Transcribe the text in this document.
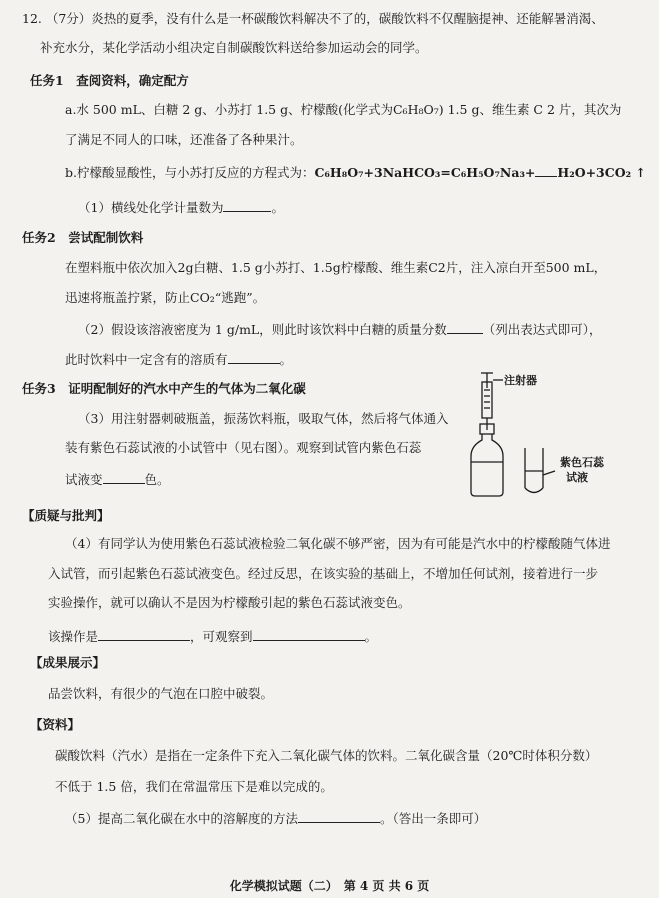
12. （7分）炎热的夏季，没有什么是一杯碳酸饮料解决不了的，碳酸饮料不仅醒脑提神、还能解暑消渴、
补充水分，某化学活动小组决定自制碳酸饮料送给参加运动会的同学。
任务1　查阅资料，确定配方
a.水 500 mL、白糖 2 g、小苏打 1.5 g、柠檬酸(化学式为C₆H₈O₇) 1.5 g、维生素 C 2 片，其次为
了满足不同人的口味，还准备了各种果汁。
b.柠檬酸显酸性，与小苏打反应的方程式为：C₆H₈O₇+3NaHCO₃=C₆H₅O₇Na₃+ H₂O+3CO₂ ↑
（1）横线处化学计量数为	。
任务2　尝试配制饮料
在塑料瓶中依次加入2g白糖、1.5 g小苏打、1.5g柠檬酸、维生素C2片，注入凉白开至500 mL，
迅速将瓶盖拧紧，防止CO₂“逃跑”。
（2）假设该溶液密度为 1 g/mL，则此时该饮料中白糖的质量分数	（列出表达式即可），
此时饮料中一定含有的溶质有	。
任务3　证明配制好的汽水中产生的气体为二氧化碳
（3）用注射器刺破瓶盖，振荡饮料瓶，吸取气体，然后将气体通入
装有紫色石蕊试液的小试管中（见右图）。观察到试管内紫色石蕊
试液变	色。
注射器
紫色石蕊
试液
【质疑与批判】
（4）有同学认为使用紫色石蕊试液检验二氧化碳不够严密，因为有可能是汽水中的柠檬酸随气体进
入试管，而引起紫色石蕊试液变色。经过反思，在该实验的基础上，不增加任何试剂，接着进行一步
实验操作，就可以确认不是因为柠檬酸引起的紫色石蕊试液变色。
该操作是	，可观察到	。
【成果展示】
品尝饮料，有很少的气泡在口腔中破裂。
【资料】
碳酸饮料（汽水）是指在一定条件下充入二氧化碳气体的饮料。二氧化碳含量（20℃时体积分数）
不低于 1.5 倍，我们在常温常压下是难以完成的。
（5）提高二氧化碳在水中的溶解度的方法	。（答出一条即可）
化学模拟试题（二）　第 4 页 共 6 页
